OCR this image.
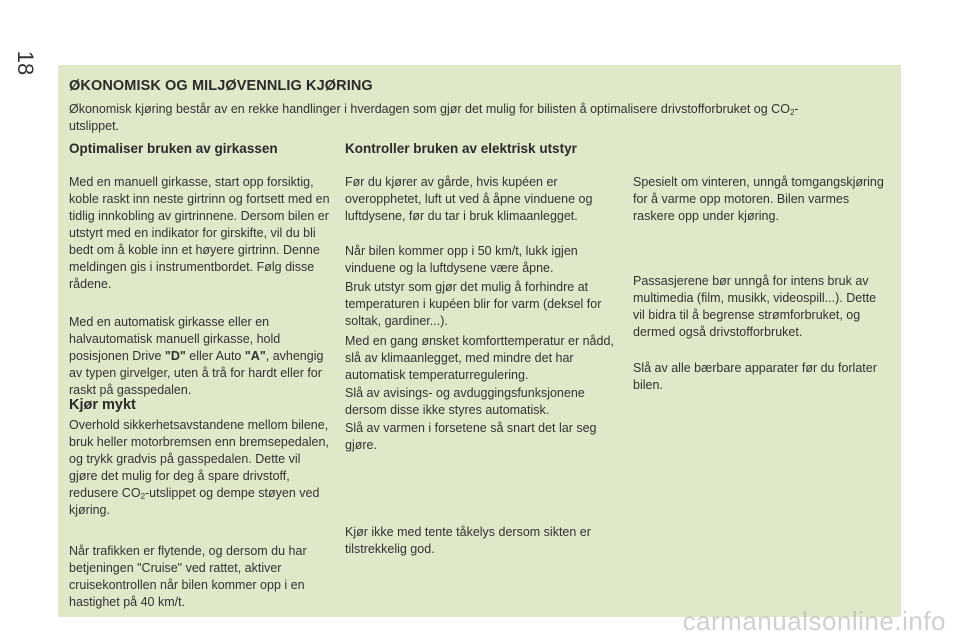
18
ØKONOMISK OG MILJØVENNLIG KJØRING
Økonomisk kjøring består av en rekke handlinger i hverdagen som gjør det mulig for bilisten å optimalisere drivstofforbruket og $CO_2-$
utslippet.
Optimaliser bruken av girkassen
Med en manuell girkasse, start opp forsiktig, koble raskt inn neste girtrinn og fortsett med en tidlig innkobling av girtrinnene. Dersom bilen er utstyrt med en indikator for girskifte, vil du bli bedt om å koble inn et høyere girtrinn. Denne meldingen gis i instrumentbordet. Følg disse rådene.
Med en automatisk girkasse eller en halvautomatisk manuell girkasse, hold posisjonen Drive "D" eller Auto "A", avhengig av typen girvelger, uten å trå for hardt eller for raskt på gasspedalen.
Kjør mykt
Overhold sikkerhetsavstandene mellom bilene, bruk heller motorbremsen enn bremsepedalen, og trykk gradvis på gasspedalen. Dette vil gjøre det mulig for deg å spare drivstoff, redusere $CO_2$-utslippet og dempe støyen ved kjøring.
Når trafikken er flytende, og dersom du har betjeningen "Cruise" ved rattet, aktiver cruisekontrollen når bilen kommer opp i en hastighet på 40 km/t.
Kontroller bruken av elektrisk utstyr
Før du kjører av gårde, hvis kupéen er overopphetet, luft ut ved å åpne vinduene og luftdysene, før du tar i bruk klimaanlegget.
Når bilen kommer opp i 50 km/t, lukk igjen vinduene og la luftdysene være åpne.
Bruk utstyr som gjør det mulig å forhindre at temperaturen i kupéen blir for varm (deksel for soltak, gardiner...).
Med en gang ønsket komforttemperatur er nådd, slå av klimaanlegget, med mindre det har automatisk temperaturregulering.
Slå av avisings- og avduggingsfunksjonene dersom disse ikke styres automatisk.
Slå av varmen i forsetene så snart det lar seg gjøre.
Kjør ikke med tente tåkelys dersom sikten er tilstrekkelig god.
Spesielt om vinteren, unngå tomgangskjøring for å varme opp motoren. Bilen varmes raskere opp under kjøring.
Passasjerene bør unngå for intens bruk av multimedia (film, musikk, videospill...). Dette vil bidra til å begrense strømforbruket, og dermed også drivstofforbruket.
Slå av alle bærbare apparater før du forlater bilen.
carmanualsonline.info
